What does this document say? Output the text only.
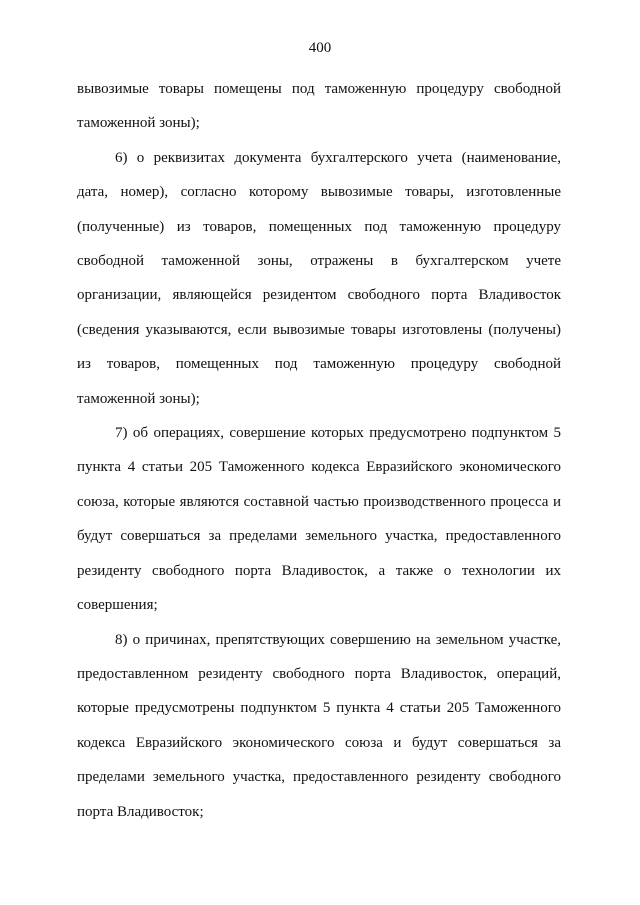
400

вывозимые товары помещены под таможенную процедуру свободной таможенной зоны);

6) о реквизитах документа бухгалтерского учета (наименование, дата, номер), согласно которому вывозимые товары, изготовленные (полученные) из товаров, помещенных под таможенную процедуру свободной таможенной зоны, отражены в бухгалтерском учете организации, являющейся резидентом свободного порта Владивосток (сведения указываются, если вывозимые товары изготовлены (получены) из товаров, помещенных под таможенную процедуру свободной таможенной зоны);

7) об операциях, совершение которых предусмотрено подпунктом 5 пункта 4 статьи 205 Таможенного кодекса Евразийского экономического союза, которые являются составной частью производственного процесса и будут совершаться за пределами земельного участка, предоставленного резиденту свободного порта Владивосток, а также о технологии их совершения;

8) о причинах, препятствующих совершению на земельном участке, предоставленном резиденту свободного порта Владивосток, операций, которые предусмотрены подпунктом 5 пункта 4 статьи 205 Таможенного кодекса Евразийского экономического союза и будут совершаться за пределами земельного участка, предоставленного резиденту свободного порта Владивосток;
